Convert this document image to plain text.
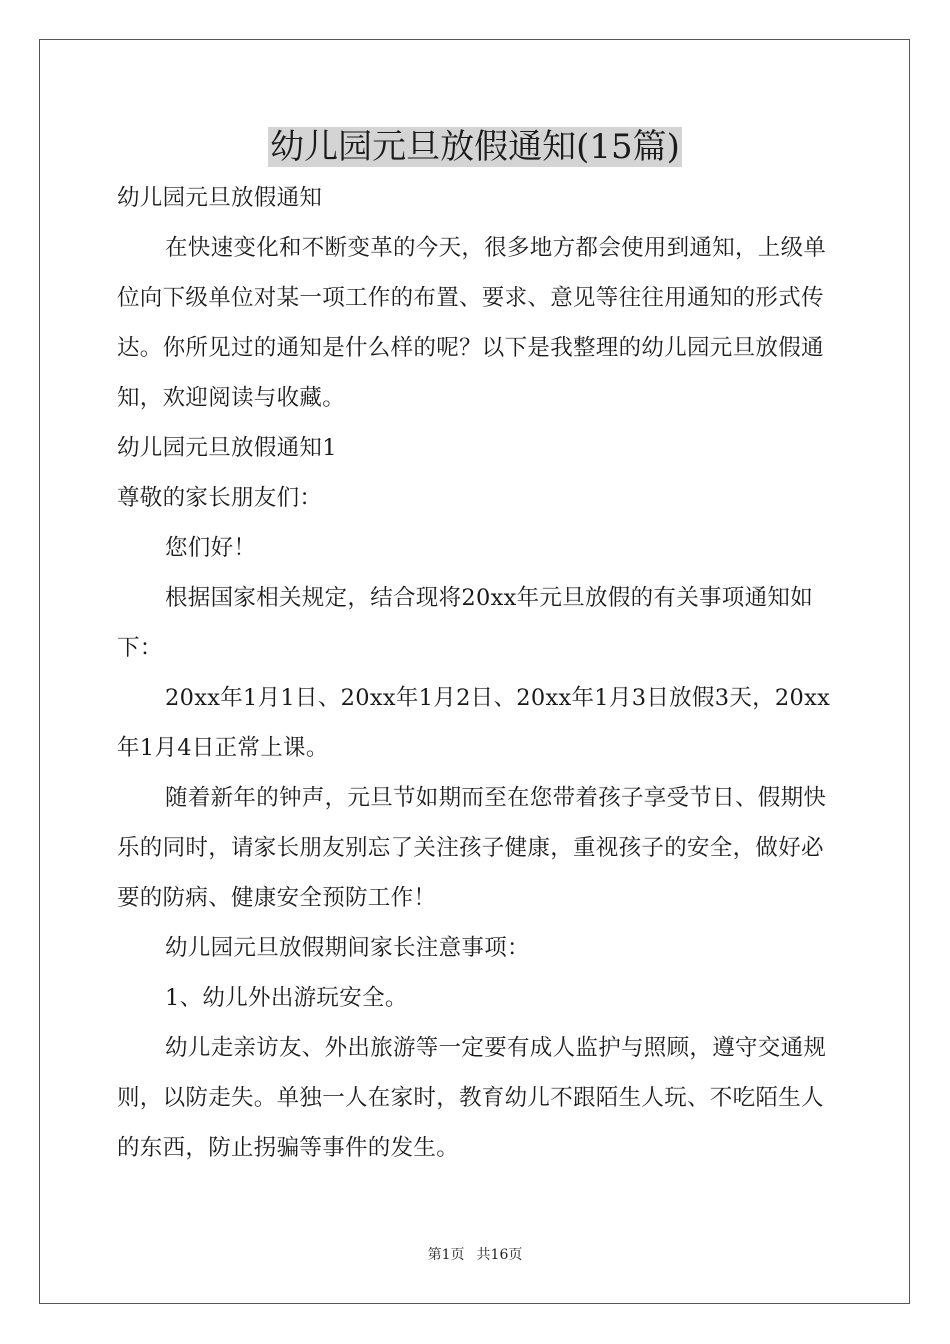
幼儿园元旦放假通知(15篇)

幼儿园元旦放假通知

在快速变化和不断变革的今天，很多地方都会使用到通知，上级单位向下级单位对某一项工作的布置、要求、意见等往往用通知的形式传达。你所见过的通知是什么样的呢？以下是我整理的幼儿园元旦放假通知，欢迎阅读与收藏。

幼儿园元旦放假通知1

尊敬的家长朋友们：

您们好！

根据国家相关规定，结合现将20xx年元旦放假的有关事项通知如下：

20xx年1月1日、20xx年1月2日、20xx年1月3日放假3天，20xx年1月4日正常上课。

随着新年的钟声，元旦节如期而至在您带着孩子享受节日、假期快乐的同时，请家长朋友别忘了关注孩子健康，重视孩子的安全，做好必要的防病、健康安全预防工作！

幼儿园元旦放假期间家长注意事项：

1、幼儿外出游玩安全。

幼儿走亲访友、外出旅游等一定要有成人监护与照顾，遵守交通规则，以防走失。单独一人在家时，教育幼儿不跟陌生人玩、不吃陌生人的东西，防止拐骗等事件的发生。

第1页 共16页
